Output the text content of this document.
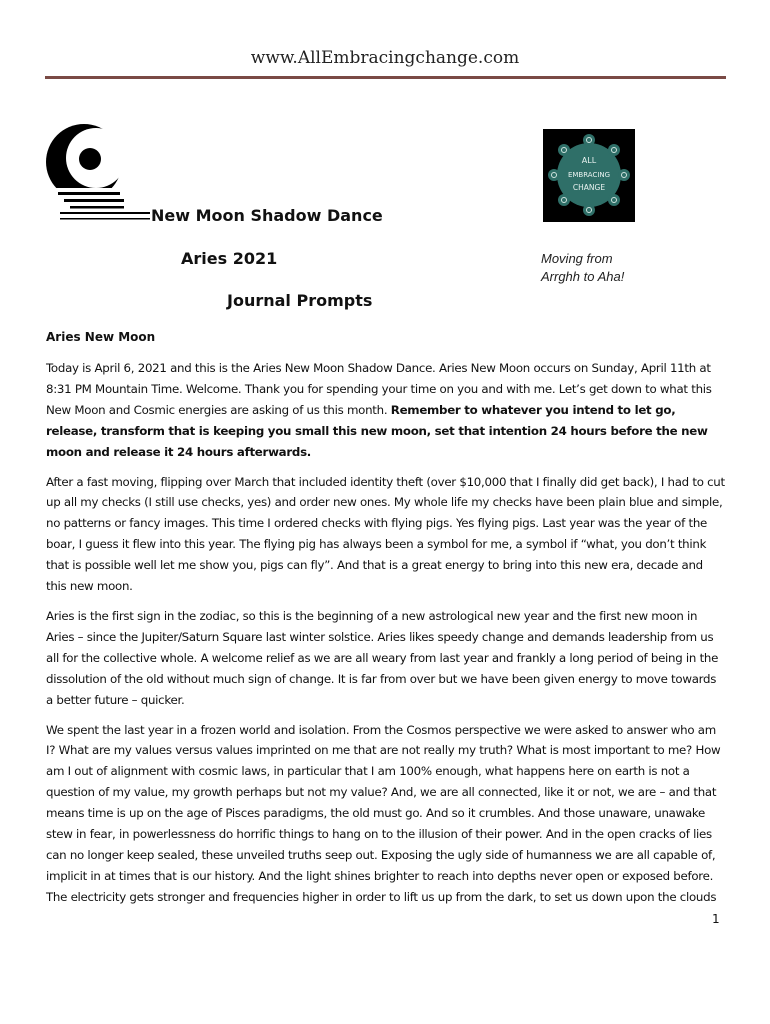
www.AllEmbracingchange.com
ALL
EMBRACING
CHANGE
New Moon Shadow Dance
Aries 2021
Journal Prompts
Moving from
Arrghh to Aha!
Aries New Moon

Today is April 6, 2021 and this is the Aries New Moon Shadow Dance. Aries New Moon occurs on Sunday, April 11th at 8:31 PM Mountain Time. Welcome. Thank you for spending your time on you and with me. Let’s get down to what this New Moon and Cosmic energies are asking of us this month. Remember to whatever you intend to let go, release, transform that is keeping you small this new moon, set that intention 24 hours before the new moon and release it 24 hours afterwards.

After a fast moving, flipping over March that included identity theft (over $10,000 that I finally did get back), I had to cut up all my checks (I still use checks, yes) and order new ones. My whole life my checks have been plain blue and simple, no patterns or fancy images. This time I ordered checks with flying pigs. Yes flying pigs. Last year was the year of the boar, I guess it flew into this year. The flying pig has always been a symbol for me, a symbol if “what, you don’t think that is possible well let me show you, pigs can fly”. And that is a great energy to bring into this new era, decade and this new moon.

Aries is the first sign in the zodiac, so this is the beginning of a new astrological new year and the first new moon in Aries – since the Jupiter/Saturn Square last winter solstice. Aries likes speedy change and demands leadership from us all for the collective whole. A welcome relief as we are all weary from last year and frankly a long period of being in the dissolution of the old without much sign of change. It is far from over but we have been given energy to move towards a better future – quicker.

We spent the last year in a frozen world and isolation. From the Cosmos perspective we were asked to answer who am I? What are my values versus values imprinted on me that are not really my truth? What is most important to me? How am I out of alignment with cosmic laws, in particular that I am 100% enough, what happens here on earth is not a question of my value, my growth perhaps but not my value? And, we are all connected, like it or not, we are – and that means time is up on the age of Pisces paradigms, the old must go. And so it crumbles. And those unaware, unawake stew in fear, in powerlessness do horrific things to hang on to the illusion of their power. And in the open cracks of lies can no longer keep sealed, these unveiled truths seep out. Exposing the ugly side of humanness we are all capable of, implicit in at times that is our history. And the light shines brighter to reach into depths never open or exposed before. The electricity gets stronger and frequencies higher in order to lift us up from the dark, to set us down upon the clouds

1
